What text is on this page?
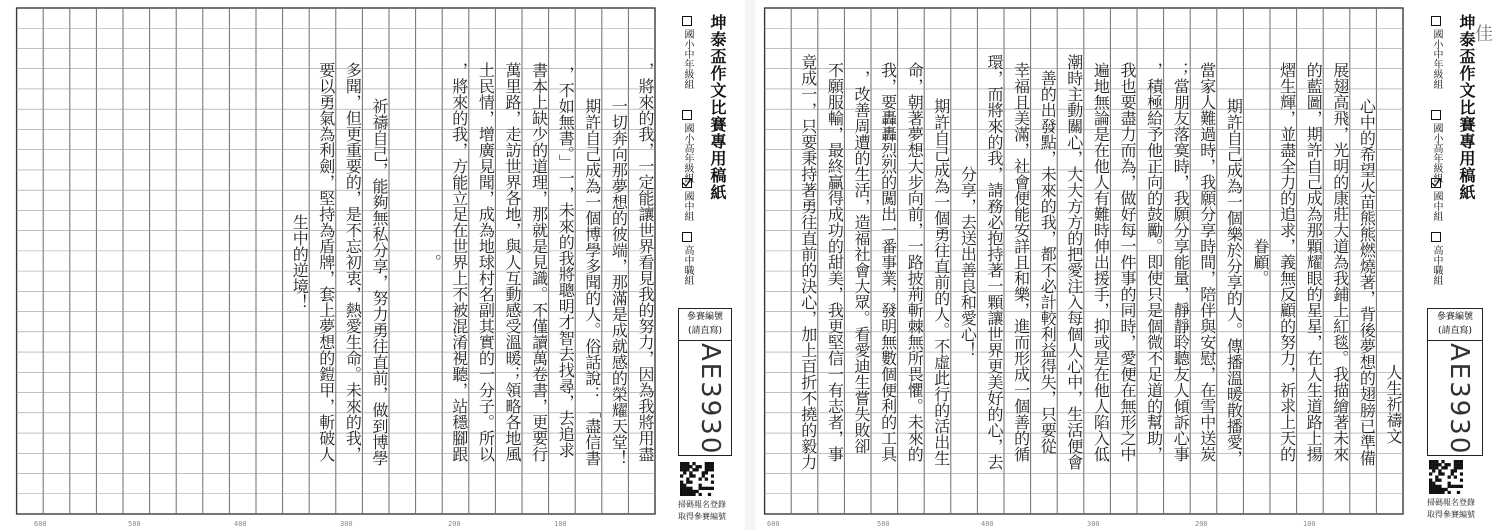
，將來的我，一定能讓世界看見我的努力，因為我將用盡
一切奔向那夢想的彼端，那滿是成就感的榮耀天堂！
期許自己成為一個博學多聞的人。俗話說：「盡信書
，不如無書。」一，未來的我將聰明才智去找尋，去追求
書本上缺少的道理，那就是見識。不僅讀萬卷書，更要行
萬里路，走訪世界各地，與人互動感受溫暖；領略各地風
土民情，增廣見聞，成為地球村名副其實的一分子。所以
，將來的我，方能立足在世界上不被混淆視聽，站穩腳跟
。
祈禱自己，能夠無私分享，努力勇往直前，做到博學
多聞，但更重要的，是不忘初衷，熱愛生命。未來的我，
要以勇氣為利劍，堅持為盾牌，套上夢想的鎧甲，斬破人
生中的逆境！
坤泰盃作文比賽專用稿紙
國小中年級組
國小高年級組
國中組
高中職組
參賽編號
(請直寫)
AE3930
掃碼報名登錄
取得參賽編號
600	500	400	300	200	100
人生祈禱文
心中的希望火苗熊熊燃燒著，背後夢想的翅膀已準備
展翅高飛，光明的康莊大道為我鋪上紅毯。我描繪著未來
的藍圖，期許自己成為那顆耀眼的星星，在人生道路上揚
熠生輝，並盡全力的追求，義無反顧的努力，祈求上天的
眷顧。
期許自己成為一個樂於分享的人。傳播溫暖散播愛，
當家人難過時，我願分享時間，陪伴與安慰，在雪中送炭
；當朋友落寞時，我願分享能量，靜靜聆聽友人傾訴心事
，積極給予他正向的鼓勵。即使只是個微不足道的幫助，
我也要盡力而為，做好每一件事的同時，愛便在無形之中
遍地無論是在他人有難時伸出援手，抑或是在他人陷入低
潮時主動關心，大大方方的把愛注入每個人心中，生活便會
善的出發點，未來的我，都不必計較利益得失，只要從
幸福且美滿，社會便能安詳且和樂，進而形成一個善的循
環，而將來的我，請務必抱持著一顆讓世界更美好的心，去
分享，去送出善良和愛心！
期許自己成為一個勇往直前的人。不虛此行的活出生
命，朝著夢想大步向前，一路披荊斬棘無所畏懼。未來的
我，要轟轟烈烈的闖出一番事業，發明無數個便利的工具
，改善周遭的生活，造福社會大眾。看愛迪生嘗失敗卻
不願服輸，最終贏得成功的甜美，我更堅信一有志者，事
竟成一，只要秉持著勇往直前的決心，加上百折不撓的毅力	坤泰盃作文比賽專用稿紙 佳
國小中年級組
國小高年級組
國中組
高中職組
參賽編號
(請直寫)
AE3930
掃碼報名登錄
取得參賽編號
600	500	400	300	200	100
